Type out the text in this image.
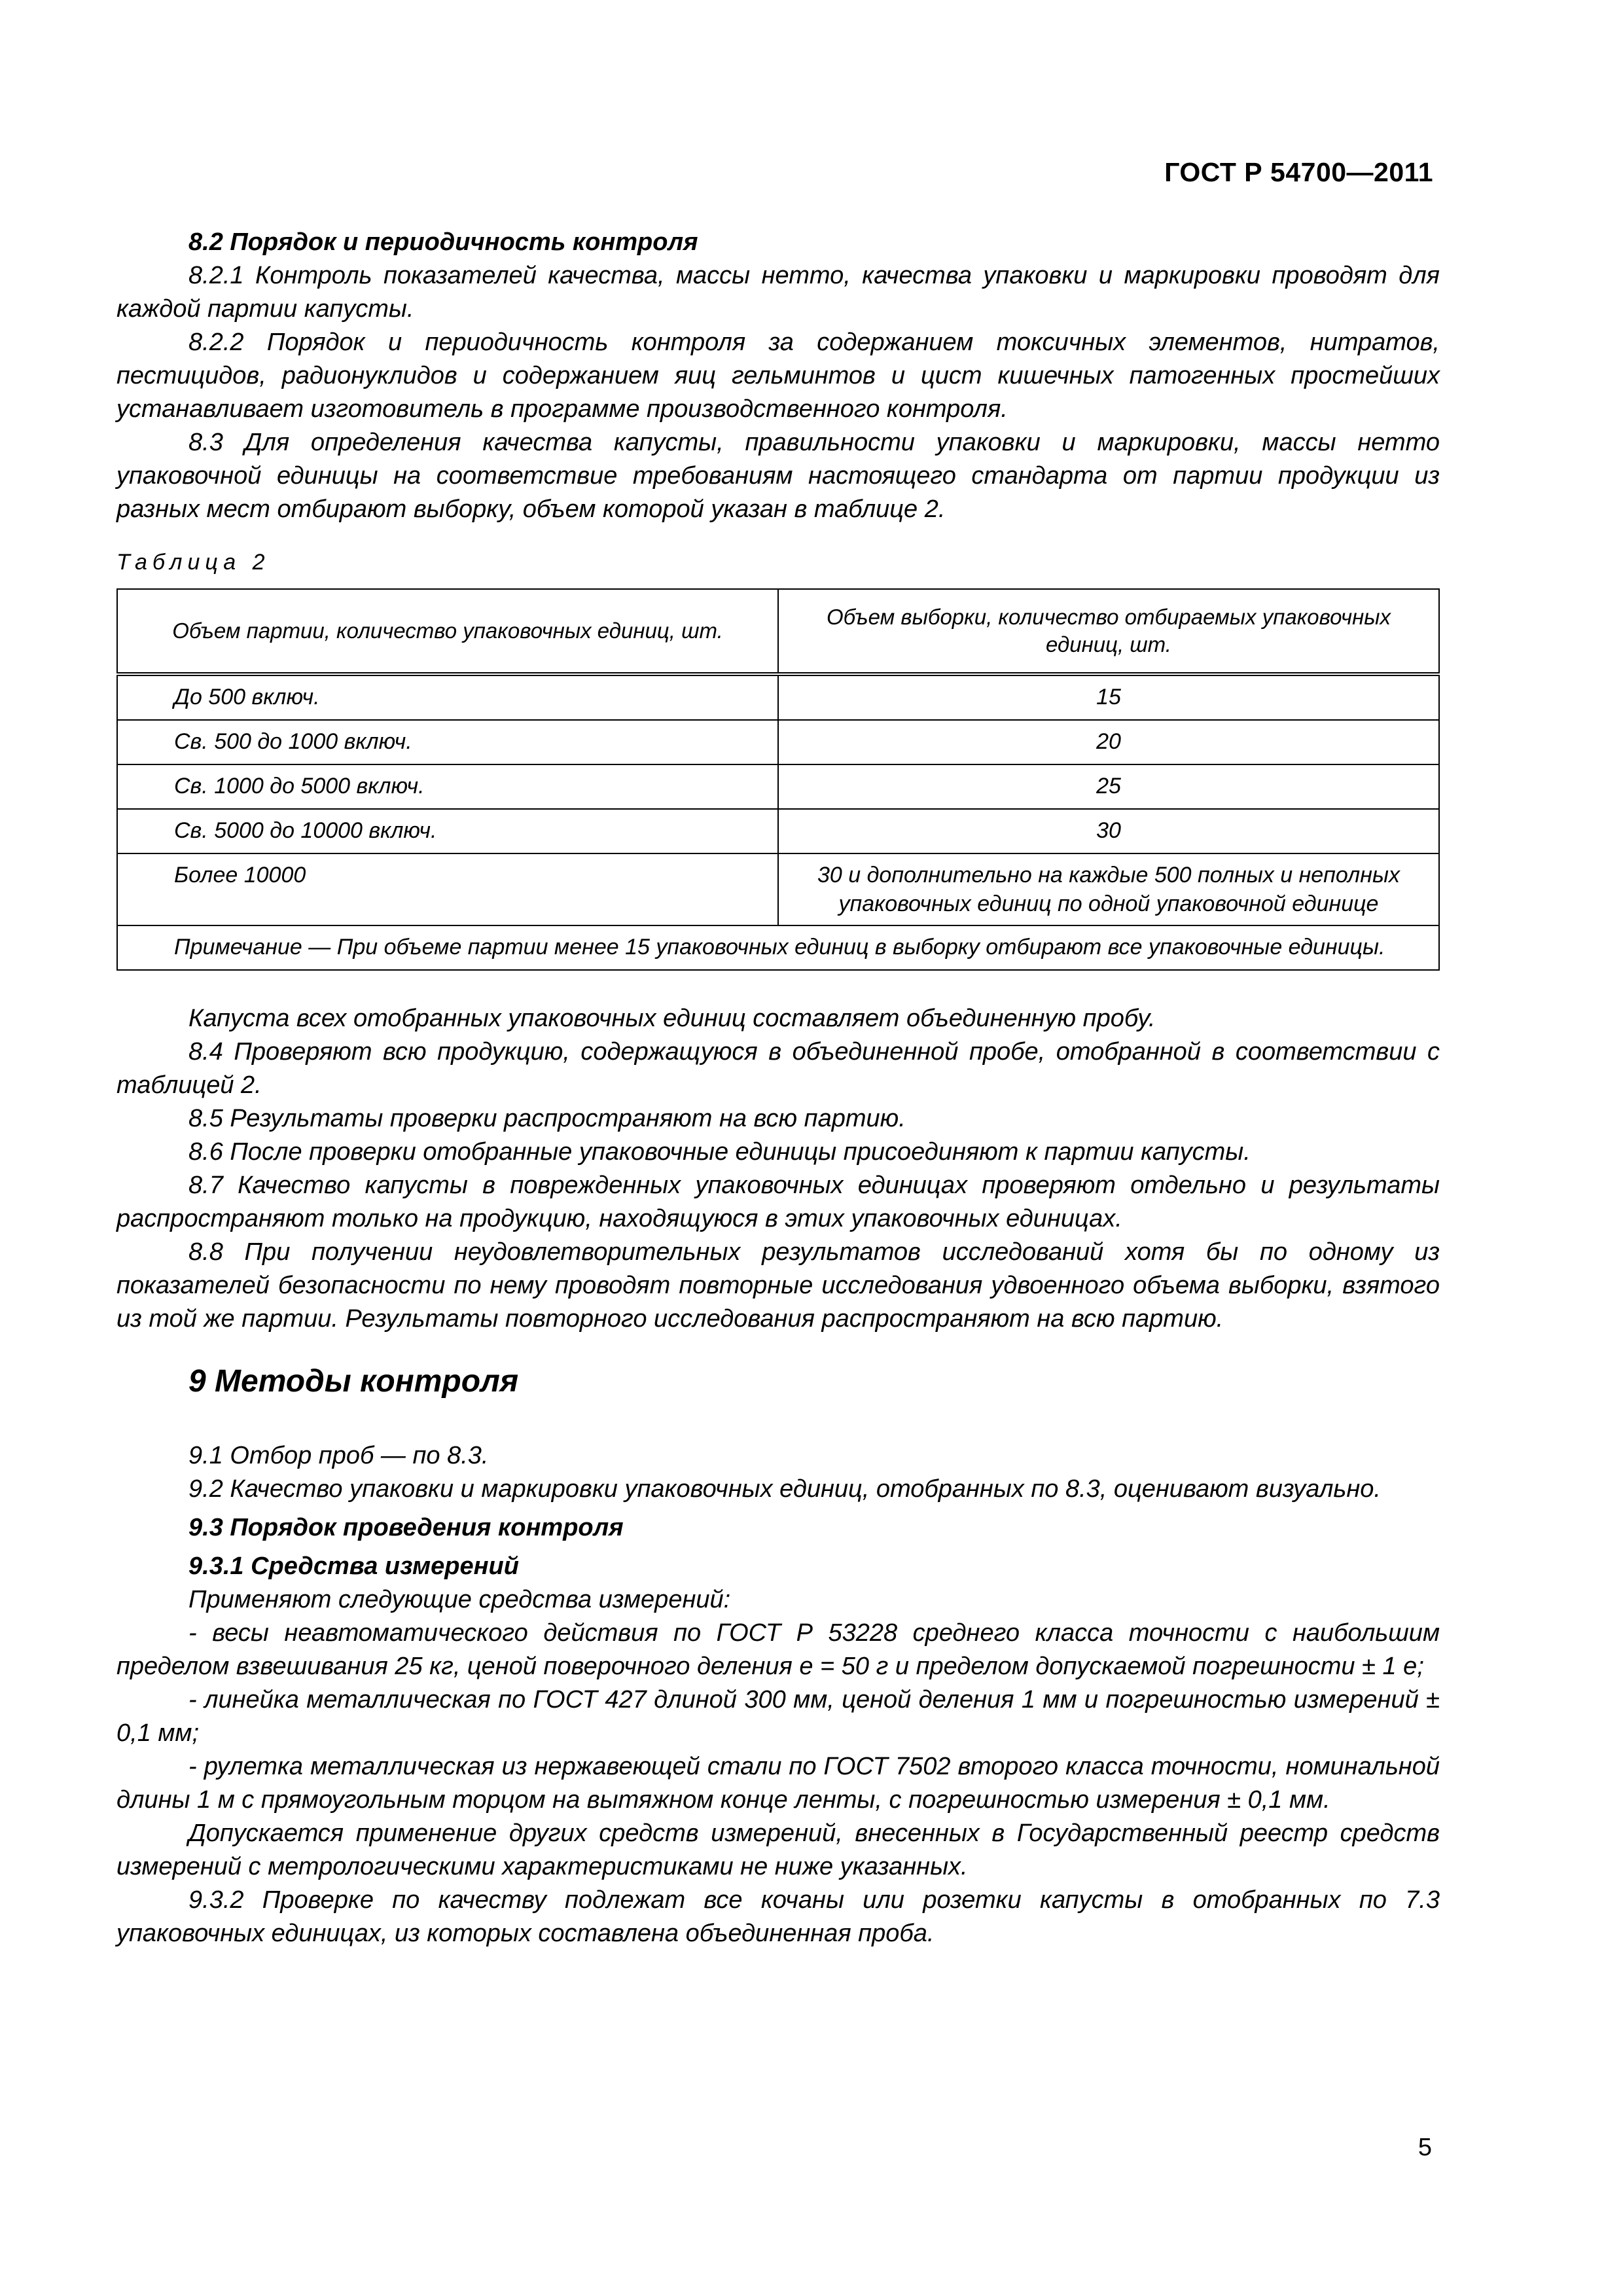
ГОСТ Р 54700—2011

8.2 Порядок и периодичность контроля

8.2.1 Контроль показателей качества, массы нетто, качества упаковки и маркировки проводят для каждой партии капусты.

8.2.2 Порядок и периодичность контроля за содержанием токсичных элементов, нитратов, пестицидов, радионуклидов и содержанием яиц гельминтов и цист кишечных патогенных простейших устанавливает изготовитель в программе производственного контроля.

8.3 Для определения качества капусты, правильности упаковки и маркировки, массы нетто упаковочной единицы на соответствие требованиям настоящего стандарта от партии продукции из разных мест отбирают выборку, объем которой указан в таблице 2.

Таблица 2
Объем партии, количество упаковочных единиц, шт.	Объем выборки, количество отбираемых упаковочных единиц, шт.
До 500 включ.	15
Св. 500 до 1000 включ.	20
Св. 1000 до 5000 включ.	25
Св. 5000 до 10000 включ.	30
Более 10000	30 и дополнительно на каждые 500 полных и неполных упаковочных единиц по одной упаковочной единице
Примечание — При объеме партии менее 15 упаковочных единиц в выборку отбирают все упаковочные единицы.	

Капуста всех отобранных упаковочных единиц составляет объединенную пробу.

8.4 Проверяют всю продукцию, содержащуюся в объединенной пробе, отобранной в соответствии с таблицей 2.

8.5 Результаты проверки распространяют на всю партию.

8.6 После проверки отобранные упаковочные единицы присоединяют к партии капусты.

8.7 Качество капусты в поврежденных упаковочных единицах проверяют отдельно и результаты распространяют только на продукцию, находящуюся в этих упаковочных единицах.

8.8 При получении неудовлетворительных результатов исследований хотя бы по одному из показателей безопасности по нему проводят повторные исследования удвоенного объема выборки, взятого из той же партии. Результаты повторного исследования распространяют на всю партию.

9 Методы контроля

9.1 Отбор проб — по 8.3.

9.2 Качество упаковки и маркировки упаковочных единиц, отобранных по 8.3, оценивают визуально.

9.3 Порядок проведения контроля

9.3.1 Средства измерений

Применяют следующие средства измерений:

- весы неавтоматического действия по ГОСТ Р 53228 среднего класса точности с наибольшим пределом взвешивания 25 кг, ценой поверочного деления е = 50 г и пределом допускаемой погрешности ± 1 е;

- линейка металлическая по ГОСТ 427 длиной 300 мм, ценой деления 1 мм и погрешностью измерений ± 0,1 мм;

- рулетка металлическая из нержавеющей стали по ГОСТ 7502 второго класса точности, номинальной длины 1 м с прямоугольным торцом на вытяжном конце ленты, с погрешностью измерения ± 0,1 мм.

Допускается применение других средств измерений, внесенных в Государственный реестр средств измерений с метрологическими характеристиками не ниже указанных.

9.3.2 Проверке по качеству подлежат все кочаны или розетки капусты в отобранных по 7.3 упаковочных единицах, из которых составлена объединенная проба.

5
